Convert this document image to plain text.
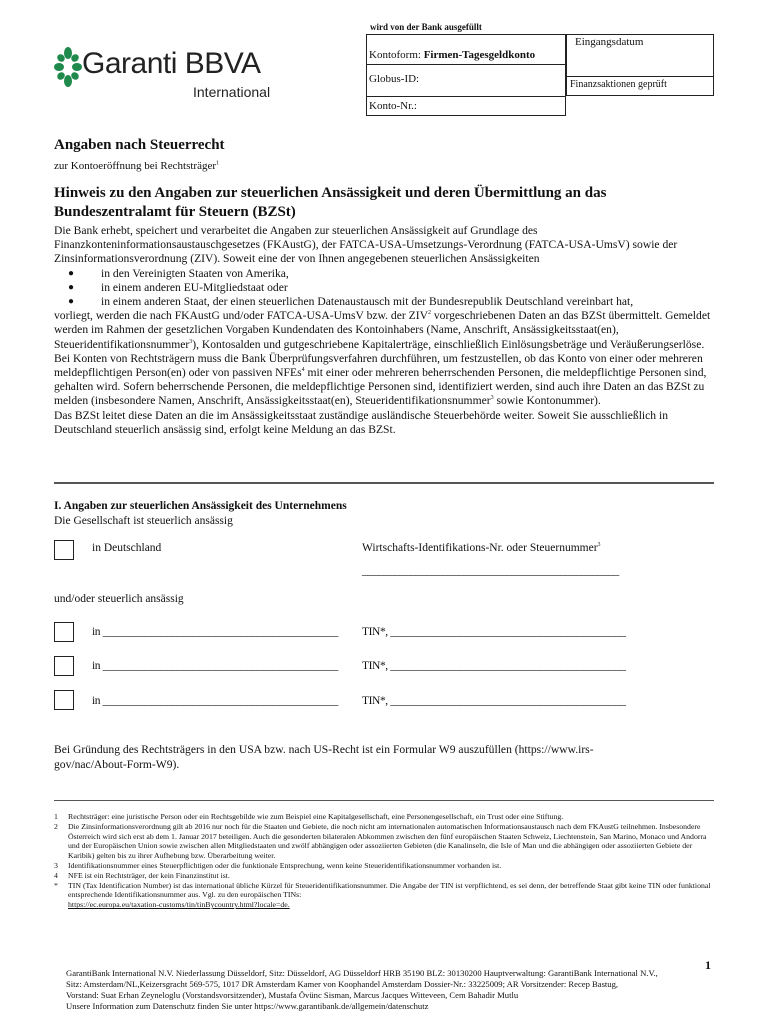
wird von der Bank ausgefüllt
Garanti BBVA
International
Kontoform: Firmen-Tagesgeldkonto
Globus-ID:
Konto-Nr.:
Eingangsdatum
Finanzsaktionen geprüft
Angaben nach Steuerrecht
zur Kontoeröffnung bei Rechtsträger$^1$
Hinweis zu den Angaben zur steuerlichen Ansässigkeit und deren Übermittlung an das Bundeszentralamt für Steuern (BZSt)

Die Bank erhebt, speichert und verarbeitet die Angaben zur steuerlichen Ansässigkeit auf Grundlage des Finanzkonteninformationsaustauschgesetzes (FKAustG), der FATCA-USA-Umsetzungs-Verordnung (FATCA-USA-UmsV) sowie der Zinsinformationsverordnung (ZIV). Soweit eine der von Ihnen angegebenen steuerlichen Ansässigkeiten

● in den Vereinigten Staaten von Amerika,
● in einem anderen EU-Mitgliedstaat oder
● in einem anderen Staat, der einen steuerlichen Datenaustausch mit der Bundesrepublik Deutschland vereinbart hat,

vorliegt, werden die nach FKAustG und/oder FATCA-USA-UmsV bzw. der ZIV$^2$ vorgeschriebenen Daten an das BZSt übermittelt. Gemeldet werden im Rahmen der gesetzlichen Vorgaben Kundendaten des Kontoinhabers (Name, Anschrift, Ansässigkeitsstaat(en), Steueridentifikationsnummer$^3$), Kontosalden und gutgeschriebene Kapitalerträge, einschließlich Einlösungsbeträge und Veräußerungserlöse.

Bei Konten von Rechtsträgern muss die Bank Überprüfungsverfahren durchführen, um festzustellen, ob das Konto von einer oder mehreren meldepflichtigen Person(en) oder von passiven NFEs$^4$ mit einer oder mehreren beherrschenden Personen, die meldepflichtige Personen sind, gehalten wird. Sofern beherrschende Personen, die meldepflichtige Personen sind, identifiziert werden, sind auch ihre Daten an das BZSt zu melden (insbesondere Namen, Anschrift, Ansässigkeitsstaat(en), Steueridentifikationsnummer$^3$ sowie Kontonummer).

Das BZSt leitet diese Daten an die im Ansässigkeitsstaat zuständige ausländische Steuerbehörde weiter. Soweit Sie ausschließlich in Deutschland steuerlich ansässig sind, erfolgt keine Meldung an das BZSt.

I. Angaben zur steuerlichen Ansässigkeit des Unternehmens
Die Gesellschaft ist steuerlich ansässig
in Deutschland	Wirtschafts-Identifikations-Nr. oder Steuernummer$^3$
________________________________________________
und/oder steuerlich ansässig
in ____________________________________________ TIN*, ____________________________________________
in ____________________________________________ TIN*, ____________________________________________
in ____________________________________________ TIN*, ____________________________________________
Bei Gründung des Rechtsträgers in den USA bzw. nach US-Recht ist ein Formular W9 auszufüllen (https://www.irs-gov/nac/About-Form-W9).
1 Rechtsträger: eine juristische Person oder ein Rechtsgebilde wie zum Beispiel eine Kapitalgesellschaft, eine Personengesellschaft, ein Trust oder eine Stiftung.
2 Die Zinsinformationsverordnung gilt ab 2016 nur noch für die Staaten und Gebiete, die noch nicht am internationalen automatischen Informationsaustausch nach dem FKAustG teilnehmen. Insbesondere Österreich wird sich erst ab dem 1. Januar 2017 beteiligen. Auch die gesonderten bilateralen Abkommen zwischen den fünf europäischen Staaten Schweiz, Liechtenstein, San Marino, Monaco und Andorra und der Europäischen Union sowie zwischen allen Mitgliedstaaten und zwölf abhängigen oder assoziierten Gebieten (die Kanalinseln, die Isle of Man und die abhängigen oder assoziierten Gebiete der Karibik) gelten bis zu ihrer Aufhebung bzw. Überarbeitung weiter.
3 Identifikationsnummer eines Steuerpflichtigen oder die funktionale Entsprechung, wenn keine Steueridentifikationsnummer vorhanden ist.
4 NFE ist ein Rechtsträger, der kein Finanzinstitut ist.
* TIN (Tax Identification Number) ist das international übliche Kürzel für Steueridentifikationsnummer. Die Angabe der TIN ist verpflichtend, es sei denn, der betreffende Staat gibt keine TIN oder funktional entsprechende Identifikationsnummer aus. Vgl. zu den europäischen TINs:
https://ec.europa.eu/taxation-customs/tin/tinBycountry.html?locale=de.
1
GarantiBank International N.V. Niederlassung Düsseldorf, Sitz: Düsseldorf, AG Düsseldorf HRB 35190 BLZ: 30130200 Hauptverwaltung: GarantiBank International N.V.,
Sitz: Amsterdam/NL,Keizersgracht 569-575, 1017 DR Amsterdam Kamer von Koophandel Amsterdam Dossier-Nr.: 33225009; AR Vorsitzender: Recep Bastug,
Vorstand: Suat Erhan Zeyneloglu (Vorstandsvorsitzender), Mustafa Övünc Sisman, Marcus Jacques Witteveen, Cem Bahadir Mutlu
Unsere Information zum Datenschutz finden Sie unter https://www.garantibank.de/allgemein/datenschutz
